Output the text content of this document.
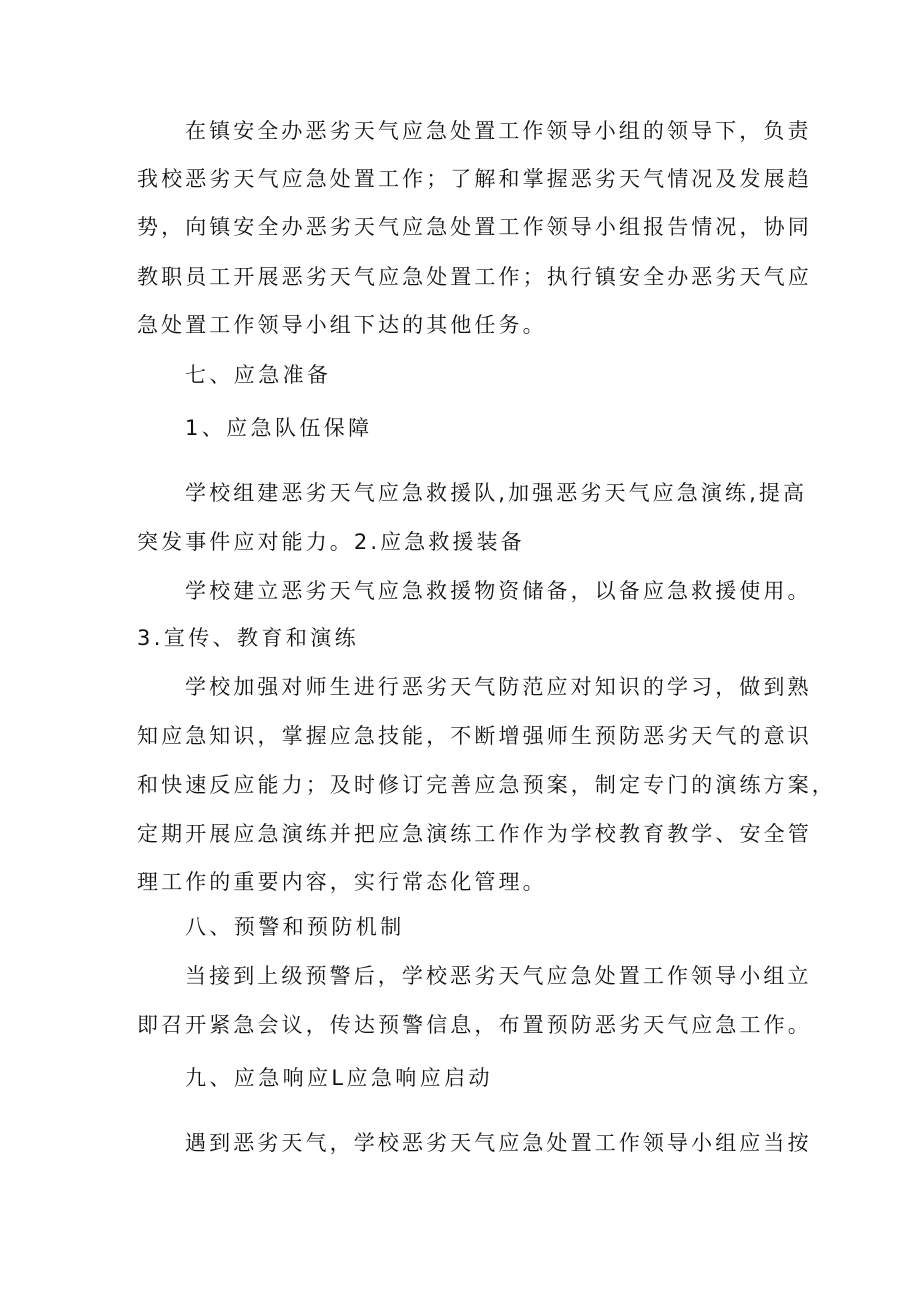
在镇安全办恶劣天气应急处置工作领导小组的领导下，负责
我校恶劣天气应急处置工作；了解和掌握恶劣天气情况及发展趋
势，向镇安全办恶劣天气应急处置工作领导小组报告情况，协同
教职员工开展恶劣天气应急处置工作；执行镇安全办恶劣天气应
急处置工作领导小组下达的其他任务。
七、应急准备
1、应急队伍保障
学校组建恶劣天气应急救援队,加强恶劣天气应急演练,提高
突发事件应对能力。2.应急救援装备
学校建立恶劣天气应急救援物资储备，以备应急救援使用。
3.宣传、教育和演练
学校加强对师生进行恶劣天气防范应对知识的学习，做到熟
知应急知识，掌握应急技能，不断增强师生预防恶劣天气的意识
和快速反应能力；及时修订完善应急预案，制定专门的演练方案，
定期开展应急演练并把应急演练工作作为学校教育教学、安全管
理工作的重要内容，实行常态化管理。
八、预警和预防机制
当接到上级预警后，学校恶劣天气应急处置工作领导小组立
即召开紧急会议，传达预警信息，布置预防恶劣天气应急工作。
九、应急响应L应急响应启动
遇到恶劣天气，学校恶劣天气应急处置工作领导小组应当按
